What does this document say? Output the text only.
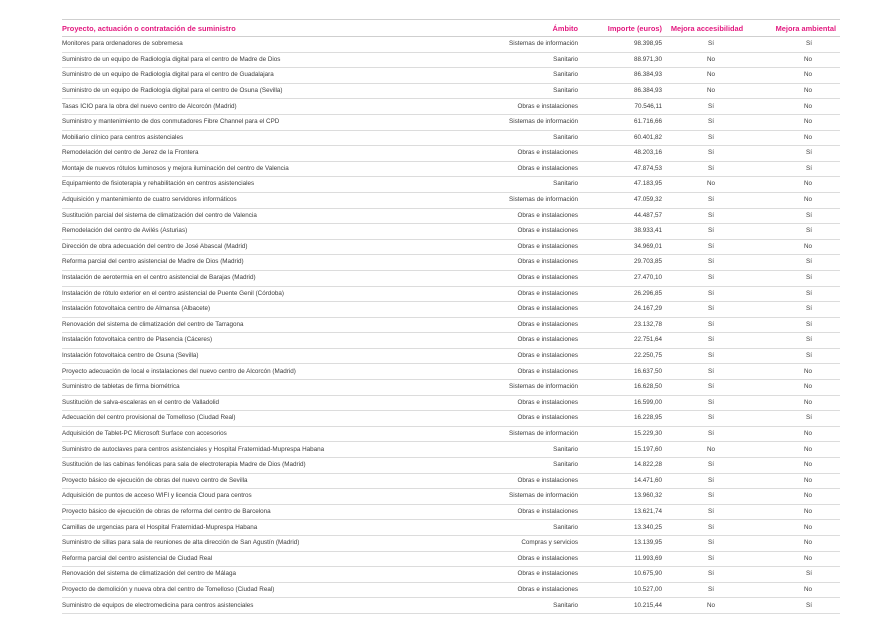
Proyecto, actuación o contratación de suministro	Ámbito	Importe (euros)	Mejora accesibilidad	Mejora ambiental
Monitores para ordenadores de sobremesa	Sistemas de información	98.398,95	Sí	Sí
Suministro de un equipo de Radiología digital para el centro de Madre de Dios	Sanitario	88.971,30	No	No
Suministro de un equipo de Radiología digital para el centro de Guadalajara	Sanitario	86.384,93	No	No
Suministro de un equipo de Radiología digital para el centro de Osuna (Sevilla)	Sanitario	86.384,93	No	No
Tasas ICIO para la obra del nuevo centro de Alcorcón (Madrid)	Obras e instalaciones	70.546,11	Sí	No
Suministro y mantenimiento de dos conmutadores Fibre Channel para el CPD	Sistemas de información	61.716,66	Sí	No
Mobiliario clínico para centros asistenciales	Sanitario	60.401,82	Sí	No
Remodelación del centro de Jerez de la Frontera	Obras e instalaciones	48.203,16	Sí	Sí
Montaje de nuevos rótulos luminosos y mejora iluminación del centro de Valencia	Obras e instalaciones	47.874,53	Sí	Sí
Equipamiento de fisioterapia y rehabilitación en centros asistenciales	Sanitario	47.183,95	No	No
Adquisición y mantenimiento de cuatro servidores informáticos	Sistemas de información	47.059,32	Sí	No
Sustitución parcial del sistema de climatización del centro de Valencia	Obras e instalaciones	44.487,57	Sí	Sí
Remodelación del centro de Avilés (Asturias)	Obras e instalaciones	38.933,41	Sí	Sí
Dirección de obra adecuación del centro de José Abascal (Madrid)	Obras e instalaciones	34.969,01	Sí	No
Reforma parcial del centro asistencial de Madre de Dios (Madrid)	Obras e instalaciones	29.703,85	Sí	Sí
Instalación de aerotermia en el centro asistencial de Barajas (Madrid)	Obras e instalaciones	27.470,10	Sí	Sí
Instalación de rótulo exterior en el centro asistencial de Puente Genil (Córdoba)	Obras e instalaciones	26.296,85	Sí	Sí
Instalación fotovoltaica centro de Almansa (Albacete)	Obras e instalaciones	24.167,29	Sí	Sí
Renovación del sistema de climatización del centro de Tarragona	Obras e instalaciones	23.132,78	Sí	Sí
Instalación fotovoltaica centro de Plasencia (Cáceres)	Obras e instalaciones	22.751,64	Sí	Sí
Instalación fotovoltaica centro de Osuna (Sevilla)	Obras e instalaciones	22.250,75	Sí	Sí
Proyecto adecuación de local e instalaciones del nuevo centro de Alcorcón (Madrid)	Obras e instalaciones	16.637,50	Sí	No
Suministro de tabletas de firma biométrica	Sistemas de información	16.628,50	Sí	No
Sustitución de salva-escaleras en el centro de Valladolid	Obras e instalaciones	16.599,00	Sí	No
Adecuación del centro provisional de Tomelloso (Ciudad Real)	Obras e instalaciones	16.228,95	Sí	Sí
Adquisición de Tablet-PC Microsoft Surface con accesorios	Sistemas de información	15.229,30	Sí	No
Suministro de autoclaves para centros asistenciales y Hospital Fraternidad-Muprespa Habana	Sanitario	15.197,60	No	No
Sustitución de las cabinas fenólicas para sala de electroterapia Madre de Dios (Madrid)	Sanitario	14.822,28	Sí	No
Proyecto básico de ejecución de obras del nuevo centro de Sevilla	Obras e instalaciones	14.471,60	Sí	No
Adquisición de puntos de acceso WIFI y licencia Cloud para centros	Sistemas de información	13.960,32	Sí	No
Proyecto básico de ejecución de obras de reforma del centro de Barcelona	Obras e instalaciones	13.621,74	Sí	No
Camillas de urgencias para el Hospital Fraternidad-Muprespa Habana	Sanitario	13.340,25	Sí	No
Suministro de sillas para sala de reuniones de alta dirección de San Agustín (Madrid)	Compras y servicios	13.139,95	Sí	No
Reforma parcial del centro asistencial de Ciudad Real	Obras e instalaciones	11.993,69	Sí	No
Renovación del sistema de climatización del centro de Málaga	Obras e instalaciones	10.675,90	Sí	Sí
Proyecto de demolición y nueva obra del centro de Tomelloso (Ciudad Real)	Obras e instalaciones	10.527,00	Sí	No
Suministro de equipos de electromedicina para centros asistenciales	Sanitario	10.215,44	No	Sí
